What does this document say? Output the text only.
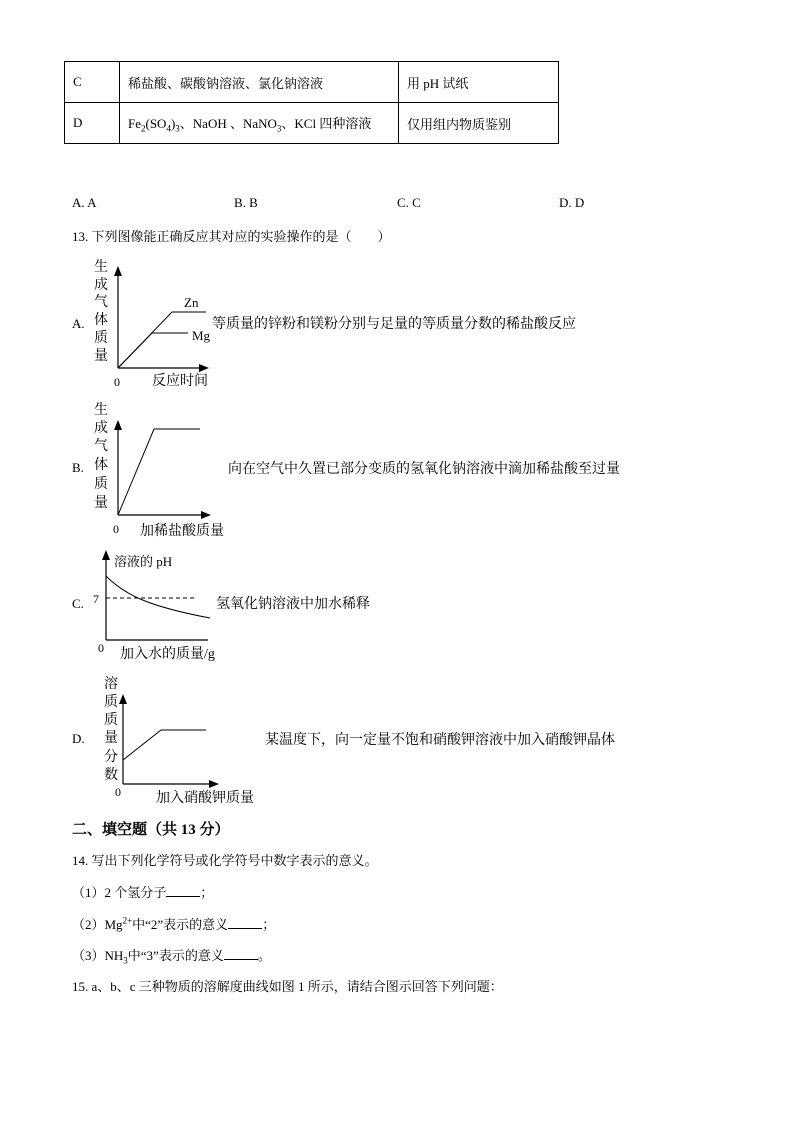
C	稀盐酸、碳酸钠溶液、氯化钠溶液	用 pH 试纸
D	$Fe_2(SO_4)_3$、NaOH 、NaNO$_3$、KCl 四种溶液	仅用组内物质鉴别
A. A	B. B	C. C	D. D
13. 下列图像能正确反应其对应的实验操作的是（　　）
A.
生
成
气
体
质
量
Zn
Mg
0 反应时间
等质量的锌粉和镁粉分别与足量的等质量分数的稀盐酸反应
B.
生
成
气
体
质
量
0 加稀盐酸质量
向在空气中久置已部分变质的氢氧化钠溶液中滴加稀盐酸至过量
C.
溶液的 pH
7
0 加入水的质量/g
氢氧化钠溶液中加水稀释
D.
溶
质
质
量
分
数
0	加入硝酸钾质量
某温度下，向一定量不饱和硝酸钾溶液中加入硝酸钾晶体
二、填空题（共 13 分）
14. 写出下列化学符号或化学符号中数字表示的意义。
（1）2 个氢分子	；
$(2)Mg^{2+}$中“2”表示的意义	；
$(3)NH_3$中“3”表示的意义	。
15. a、b、c 三种物质的溶解度曲线如图 1 所示，请结合图示回答下列问题：
